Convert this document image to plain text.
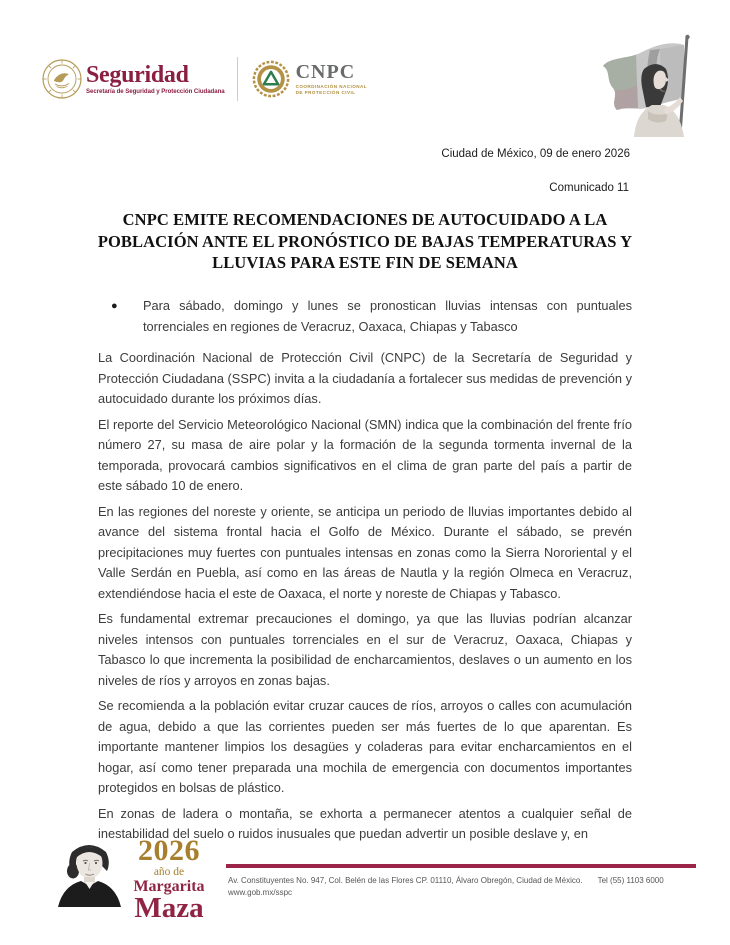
Seguridad
Secretaría de Seguridad y Protección Ciudadana
CNPC
COORDINACIÓN NACIONAL
DE PROTECCIÓN CIVIL
Ciudad de México, 09 de enero 2026
Comunicado 11
CNPC EMITE RECOMENDACIONES DE AUTOCUIDADO A LA POBLACIÓN ANTE EL PRONÓSTICO DE BAJAS TEMPERATURAS Y LLUVIAS PARA ESTE FIN DE SEMANA
● Para sábado, domingo y lunes se pronostican lluvias intensas con puntuales torrenciales en regiones de Veracruz, Oaxaca, Chiapas y Tabasco

La Coordinación Nacional de Protección Civil (CNPC) de la Secretaría de Seguridad y Protección Ciudadana (SSPC) invita a la ciudadanía a fortalecer sus medidas de prevención y autocuidado durante los próximos días.

El reporte del Servicio Meteorológico Nacional (SMN) indica que la combinación del frente frío número 27, su masa de aire polar y la formación de la segunda tormenta invernal de la temporada, provocará cambios significativos en el clima de gran parte del país a partir de este sábado 10 de enero.

En las regiones del noreste y oriente, se anticipa un periodo de lluvias importantes debido al avance del sistema frontal hacia el Golfo de México. Durante el sábado, se prevén precipitaciones muy fuertes con puntuales intensas en zonas como la Sierra Nororiental y el Valle Serdán en Puebla, así como en las áreas de Nautla y la región Olmeca en Veracruz, extendiéndose hacia el este de Oaxaca, el norte y noreste de Chiapas y Tabasco.

Es fundamental extremar precauciones el domingo, ya que las lluvias podrían alcanzar niveles intensos con puntuales torrenciales en el sur de Veracruz, Oaxaca, Chiapas y Tabasco lo que incrementa la posibilidad de encharcamientos, deslaves o un aumento en los niveles de ríos y arroyos en zonas bajas.

Se recomienda a la población evitar cruzar cauces de ríos, arroyos o calles con acumulación de agua, debido a que las corrientes pueden ser más fuertes de lo que aparentan. Es importante mantener limpios los desagües y coladeras para evitar encharcamientos en el hogar, así como tener preparada una mochila de emergencia con documentos importantes protegidos en bolsas de plástico.

En zonas de ladera o montaña, se exhorta a permanecer atentos a cualquier señal de inestabilidad del suelo o ruidos inusuales que puedan advertir un posible deslave y, en

2026
año de
Margarita
Maza
Av. Constituyentes No. 947, Col. Belén de las Flores CP. 01110, Álvaro Obregón, Ciudad de México. Tel (55) 1103 6000
www.gob.mx/sspc
